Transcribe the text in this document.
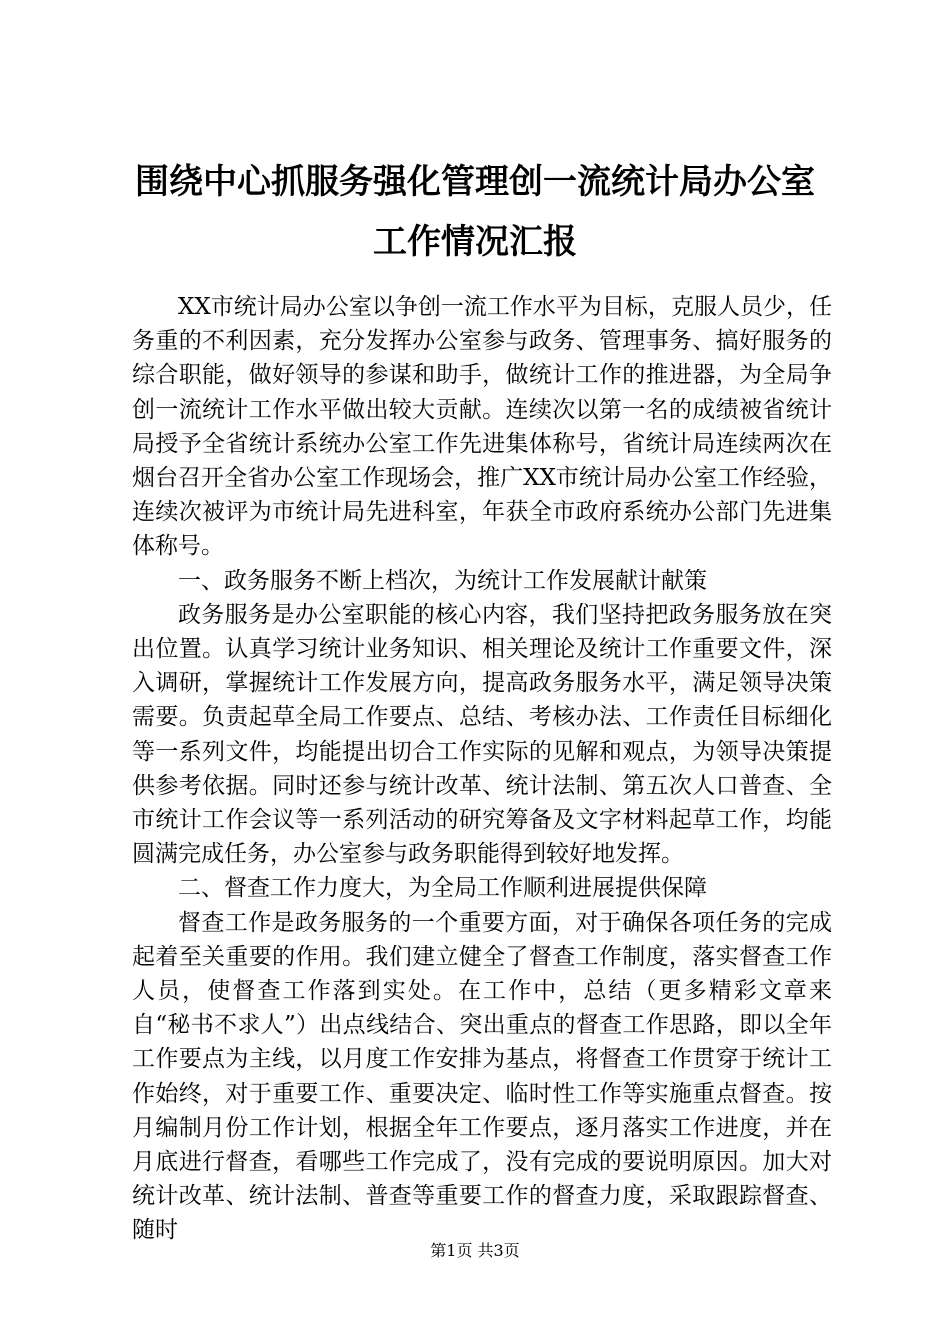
围绕中心抓服务强化管理创一流统计局办公室
工作情况汇报

XX市统计局办公室以争创一流工作水平为目标，克服人员少，任务重的不利因素，充分发挥办公室参与政务、管理事务、搞好服务的综合职能，做好领导的参谋和助手，做统计工作的推进器，为全局争创一流统计工作水平做出较大贡献。连续次以第一名的成绩被省统计局授予全省统计系统办公室工作先进集体称号，省统计局连续两次在烟台召开全省办公室工作现场会，推广XX市统计局办公室工作经验，连续次被评为市统计局先进科室，年获全市政府系统办公部门先进集体称号。

一、政务服务不断上档次，为统计工作发展献计献策

政务服务是办公室职能的核心内容，我们坚持把政务服务放在突出位置。认真学习统计业务知识、相关理论及统计工作重要文件，深入调研，掌握统计工作发展方向，提高政务服务水平，满足领导决策需要。负责起草全局工作要点、总结、考核办法、工作责任目标细化等一系列文件，均能提出切合工作实际的见解和观点，为领导决策提供参考依据。同时还参与统计改革、统计法制、第五次人口普查、全市统计工作会议等一系列活动的研究筹备及文字材料起草工作，均能圆满完成任务，办公室参与政务职能得到较好地发挥。

二、督查工作力度大，为全局工作顺利进展提供保障

督查工作是政务服务的一个重要方面，对于确保各项任务的完成起着至关重要的作用。我们建立健全了督查工作制度，落实督查工作人员，使督查工作落到实处。在工作中，总结（更多精彩文章来自“秘书不求人”）出点线结合、突出重点的督查工作思路，即以全年工作要点为主线，以月度工作安排为基点，将督查工作贯穿于统计工作始终，对于重要工作、重要决定、临时性工作等实施重点督查。按月编制月份工作计划，根据全年工作要点，逐月落实工作进度，并在月底进行督查，看哪些工作完成了，没有完成的要说明原因。加大对统计改革、统计法制、普查等重要工作的督查力度，采取跟踪督查、随时

第1页 共3页
